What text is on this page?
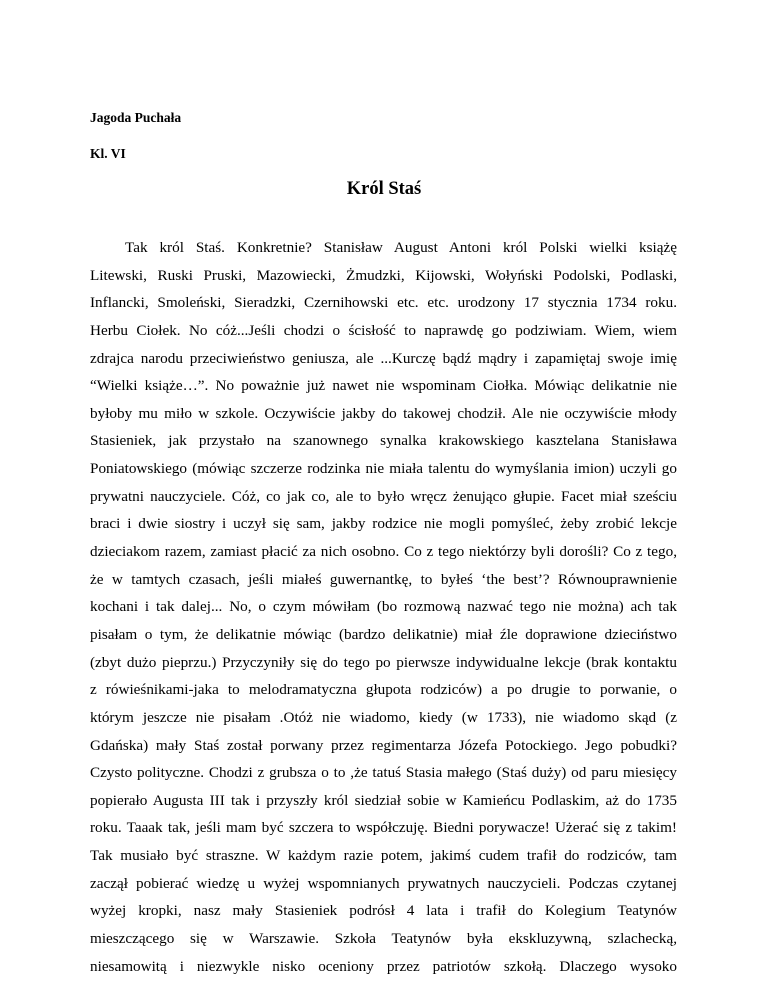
Jagoda Puchała

Kl. VI

Król Staś
Tak król Staś. Konkretnie? Stanisław August Antoni król Polski wielki książę
Litewski, Ruski Pruski, Mazowiecki, Żmudzki, Kijowski, Wołyński Podolski, Podlaski,
Inflancki, Smoleński, Sieradzki, Czernihowski etc. etc. urodzony 17 stycznia 1734 roku.
Herbu Ciołek. No cóż...Jeśli chodzi o ścisłość to naprawdę go podziwiam. Wiem, wiem
zdrajca narodu przeciwieństwo geniusza, ale ...Kurczę bądź mądry i zapamiętaj swoje imię
“Wielki książe…”. No poważnie już nawet nie wspominam Ciołka. Mówiąc delikatnie nie
byłoby mu miło w szkole. Oczywiście jakby do takowej chodził. Ale nie oczywiście młody
Stasieniek, jak przystało na szanownego synalka krakowskiego kasztelana Stanisława
Poniatowskiego (mówiąc szczerze rodzinka nie miała talentu do wymyślania imion) uczyli go
prywatni nauczyciele. Cóż, co jak co, ale to było wręcz żenująco głupie. Facet miał sześciu
braci i dwie siostry i uczył się sam, jakby rodzice nie mogli pomyśleć, żeby zrobić lekcje
dzieciakom razem, zamiast płacić za nich osobno. Co z tego niektórzy byli dorośli? Co z tego,
że w tamtych czasach, jeśli miałeś guwernantkę, to byłeś ‘the best’? Równouprawnienie
kochani i tak dalej... No, o czym mówiłam (bo rozmową nazwać tego nie można) ach tak
pisałam o tym, że delikatnie mówiąc (bardzo delikatnie) miał źle doprawione dzieciństwo
(zbyt dużo pieprzu.) Przyczyniły się do tego po pierwsze indywidualne lekcje (brak kontaktu
z rówieśnikami-jaka to melodramatyczna głupota rodziców) a po drugie to porwanie, o
którym jeszcze nie pisałam .Otóż nie wiadomo, kiedy (w 1733), nie wiadomo skąd (z
Gdańska) mały Staś został porwany przez regimentarza Józefa Potockiego. Jego pobudki?
Czysto polityczne. Chodzi z grubsza o to ,że tatuś Stasia małego (Staś duży) od paru miesięcy
popierało Augusta III tak i przyszły król siedział sobie w Kamieńcu Podlaskim, aż do 1735
roku. Taaak tak, jeśli mam być szczera to współczuję. Biedni porywacze! Użerać się z takim!
Tak musiało być straszne. W każdym razie potem, jakimś cudem trafił do rodziców, tam
zaczął pobierać wiedzę u wyżej wspomnianych prywatnych nauczycieli. Podczas czytanej
wyżej kropki, nasz mały Stasieniek podrósł 4 lata i trafił do Kolegium Teatynów
mieszczącego się w Warszawie. Szkoła Teatynów była ekskluzywną, szlachecką,
niesamowitą i niezwykle nisko oceniony przez patriotów szkołą. Dlaczego wysoko
